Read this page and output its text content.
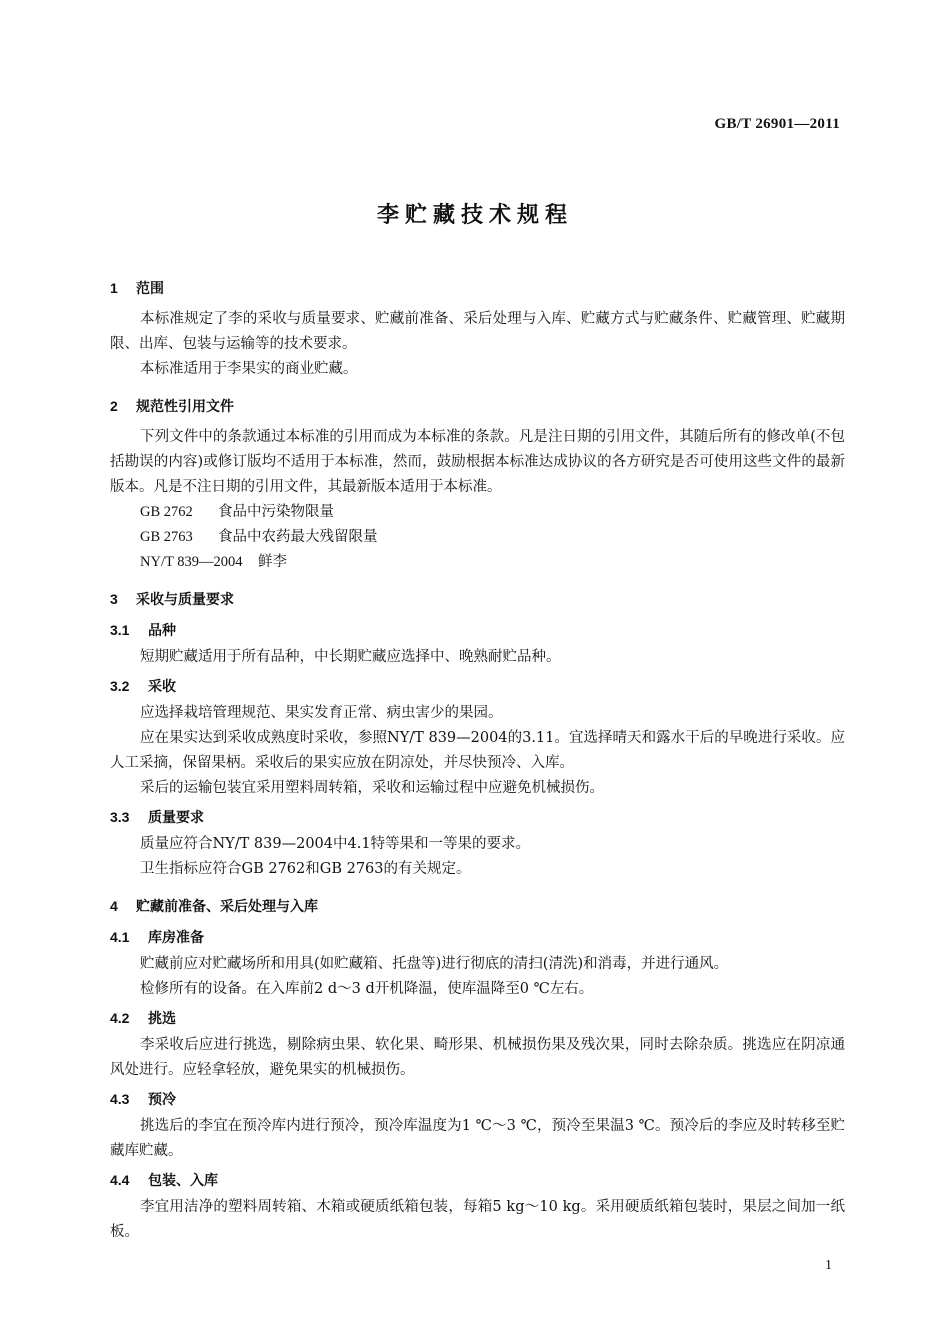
GB/T 26901—2011
李贮藏技术规程
1 范围

本标准规定了李的采收与质量要求、贮藏前准备、采后处理与入库、贮藏方式与贮藏条件、贮藏管理、贮藏期限、出库、包装与运输等的技术要求。

本标准适用于李果实的商业贮藏。

2 规范性引用文件

下列文件中的条款通过本标准的引用而成为本标准的条款。凡是注日期的引用文件，其随后所有的修改单(不包括勘误的内容)或修订版均不适用于本标准，然而，鼓励根据本标准达成协议的各方研究是否可使用这些文件的最新版本。凡是不注日期的引用文件，其最新版本适用于本标准。

GB 2762 食品中污染物限量

GB 2763 食品中农药最大残留限量

NY/T 839—2004 鲜李

3 采收与质量要求
3.1 品种

短期贮藏适用于所有品种，中长期贮藏应选择中、晚熟耐贮品种。

3.2 采收

应选择栽培管理规范、果实发育正常、病虫害少的果园。

应在果实达到采收成熟度时采收，参照NY/T 839—2004的3.11。宜选择晴天和露水干后的早晚进行采收。应人工采摘，保留果柄。采收后的果实应放在阴凉处，并尽快预冷、入库。

采后的运输包装宜采用塑料周转箱，采收和运输过程中应避免机械损伤。

3.3 质量要求

质量应符合NY/T 839—2004中4.1特等果和一等果的要求。

卫生指标应符合GB 2762和GB 2763的有关规定。

4 贮藏前准备、采后处理与入库
4.1 库房准备

贮藏前应对贮藏场所和用具(如贮藏箱、托盘等)进行彻底的清扫(清洗)和消毒，并进行通风。

检修所有的设备。在入库前2 d～3 d开机降温，使库温降至0 ℃左右。

4.2 挑选

李采收后应进行挑选，剔除病虫果、软化果、畸形果、机械损伤果及残次果，同时去除杂质。挑选应在阴凉通风处进行。应轻拿轻放，避免果实的机械损伤。

4.3 预冷

挑选后的李宜在预冷库内进行预冷，预冷库温度为1 ℃～3 ℃，预冷至果温3 ℃。预冷后的李应及时转移至贮藏库贮藏。

4.4 包装、入库

李宜用洁净的塑料周转箱、木箱或硬质纸箱包装，每箱5 kg～10 kg。采用硬质纸箱包装时，果层之间加一纸板。

1
